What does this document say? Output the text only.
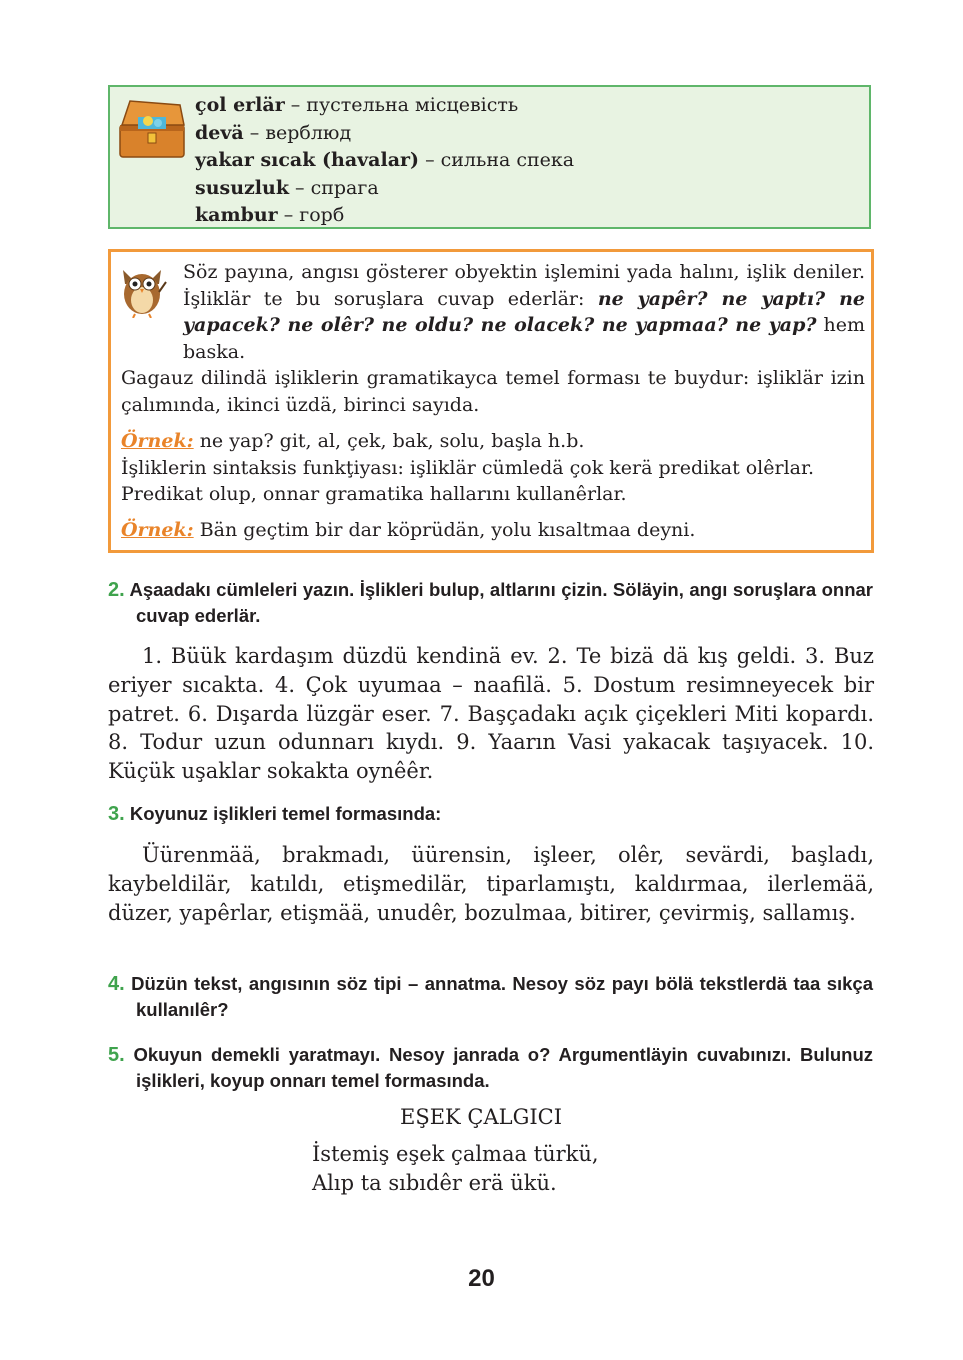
çol erlär – пустельна місцевість
devä – верблюд
yakar sıcak (havalar) – сильна спека
susuzluk – спрага
kambur – горб

Söz payına, angısı gösterer obyektin işlemini yada halını, işlik deniler. İşliklär te bu soruşlara cuvap ederlär: ne yapêr? ne yaptı? ne yapacek? ne olêr? ne oldu? ne olacek? ne yapmaa? ne yap? hem baska.

Gagauz dilindä işliklerin gramatikayca temel forması te buydur: işliklär izin çalımında, ikinci üzdä, birinci sayıda.

Örnek: ne yap? git, al, çek, bak, solu, başla h.b.

İşliklerin sintaksis funkţiyası: işliklär cümledä çok kerä predikat olêrlar.

Predikat olup, onnar gramatika hallarını kullanêrlar.

Örnek: Bän geçtim bir dar köprüdän, yolu kısaltmaa deyni.

2. Aşaadakı cümleleri yazın. İşlikleri bulup, altlarını çizin. Söläyin, angı soruşlara onnar cuvap ederlär.

1. Büük kardaşım düzdü kendinä ev. 2. Te bizä dä kış geldi. 3. Buz eriyer sıcakta. 4. Çok uyumaa – naafilä. 5. Dostum resimneyecek bir patret. 6. Dışarda lüzgär eser. 7. Başçadakı açık çiçekleri Miti kopardı. 8. Todur uzun odunnarı kıydı. 9. Yaarın Vasi yakacak taşıyacek. 10. Küçük uşaklar sokakta oynêêr.

3. Koyunuz işlikleri temel formasında:

Üürenmää, brakmadı, üürensin, işleer, olêr, sevärdi, başladı, kaybeldilär, katıldı, etişmedilär, tiparlamıştı, kaldırmaa, ilerlemää, düzer, yapêrlar, etişmää, unudêr, bozulmaa, bitirer, çevirmiş, sallamış.

4. Düzün tekst, angısının söz tipi – annatma. Nesoy söz payı bölä tekstlerdä taa sıkça kullanılêr?
5. Okuyun demekli yaratmayı. Nesoy janrada o? Argumentläyin cuvabınızı. Bulunuz işlikleri, koyup onnarı temel formasında.
EŞEK ÇALGICI
İstemiş eşek çalmaa türkü,
Alıp ta sıbıdêr erä ükü.
20
